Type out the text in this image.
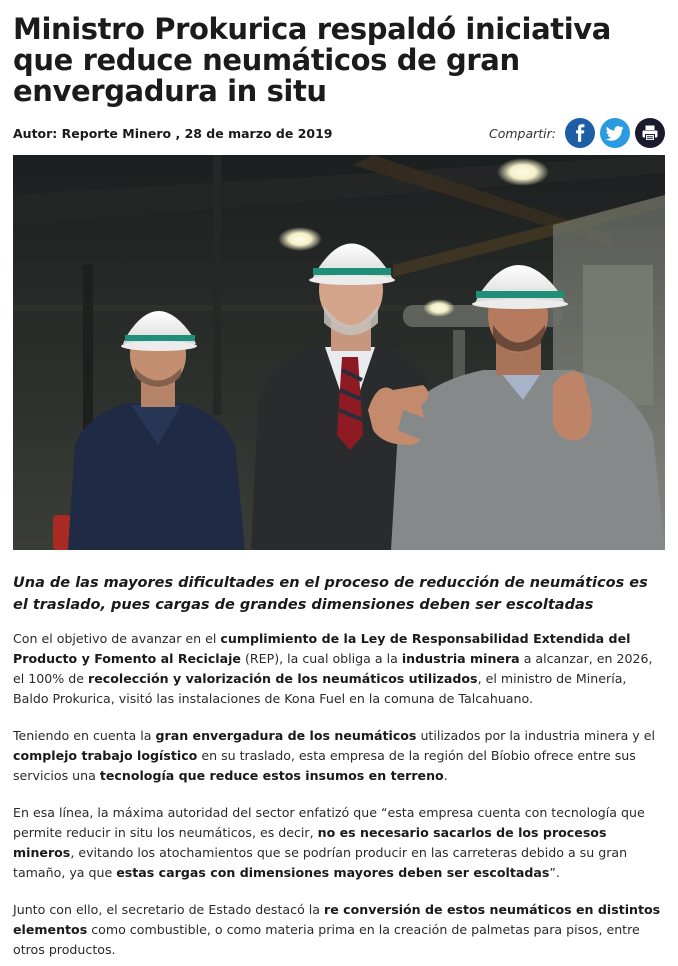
Ministro Prokurica respaldó iniciativa que reduce neumáticos de gran envergadura in situ
Autor: Reporte Minero , 28 de marzo de 2019	Compartir:

Una de las mayores dificultades en el proceso de reducción de neumáticos es el traslado, pues cargas de grandes dimensiones deben ser escoltadas

Con el objetivo de avanzar en el cumplimiento de la Ley de Responsabilidad Extendida del Producto y Fomento al Reciclaje (REP), la cual obliga a la industria minera a alcanzar, en 2026, el 100% de recolección y valorización de los neumáticos utilizados, el ministro de Minería, Baldo Prokurica, visitó las instalaciones de Kona Fuel en la comuna de Talcahuano.

Teniendo en cuenta la gran envergadura de los neumáticos utilizados por la industria minera y el complejo trabajo logístico en su traslado, esta empresa de la región del Bíobio ofrece entre sus servicios una tecnología que reduce estos insumos en terreno.

En esa línea, la máxima autoridad del sector enfatizó que “esta empresa cuenta con tecnología que permite reducir in situ los neumáticos, es decir, no es necesario sacarlos de los procesos mineros, evitando los atochamientos que se podrían producir en las carreteras debido a su gran tamaño, ya que estas cargas con dimensiones mayores deben ser escoltadas”.

Junto con ello, el secretario de Estado destacó la re conversión de estos neumáticos en distintos elementos como combustible, o como materia prima en la creación de palmetas para pisos, entre otros productos.
